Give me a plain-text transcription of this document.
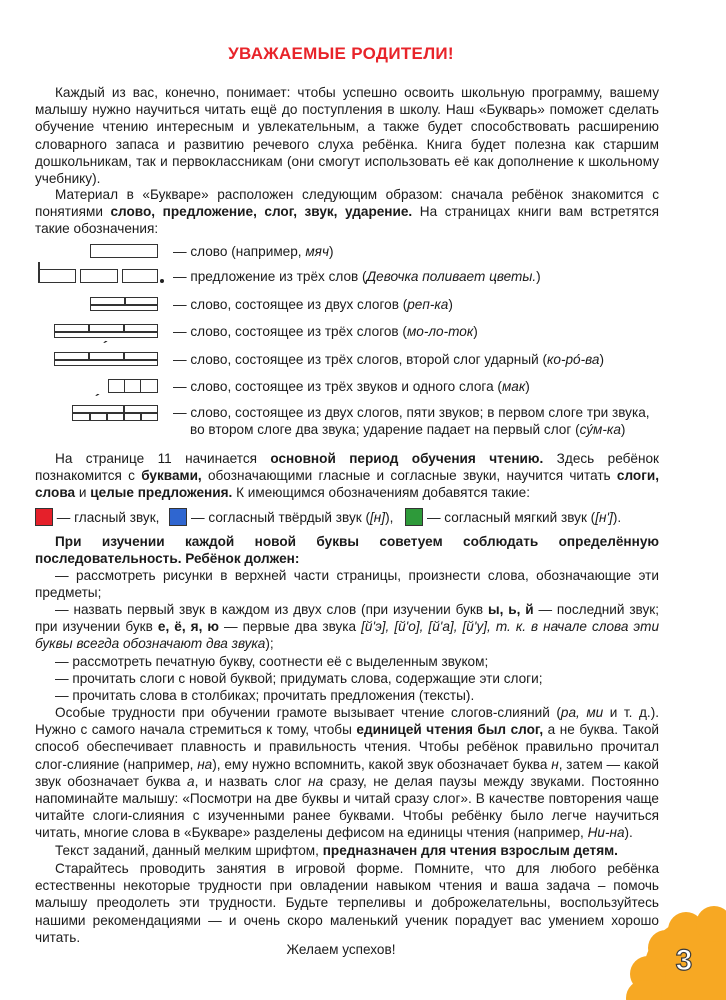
УВАЖАЕМЫЕ РОДИТЕЛИ!

Каждый из вас, конечно, понимает: чтобы успешно освоить школьную программу, вашему малышу нужно научиться читать ещё до поступления в школу. Наш «Букварь» поможет сделать обучение чтению интересным и увлекательным, а также будет способствовать расширению словарного запаса и развитию речевого слуха ребёнка. Книга будет полезна как старшим дошкольникам, так и первоклассникам (они смогут использовать её как дополнение к школьному учебнику).

Материал в «Букваре» расположен следующим образом: сначала ребёнок знакомится с понятиями слово, предложение, слог, звук, ударение. На страницах книги вам встретятся такие обозначения:

— слово (например, мяч)
— предложение из трёх слов (Девочка поливает цветы.)
— слово, состоящее из двух слогов (реп-ка)
— слово, состоящее из трёх слогов (мо-ло-ток)
´
— слово, состоящее из трёх слогов, второй слог ударный (ко-ро́-ва)
— слово, состоящее из трёх звуков и одного слога (мак)
´
— слово, состоящее из двух слогов, пяти звуков; в первом слоге три звука,
во втором слоге два звука; ударение падает на первый слог (су́м-ка)

На странице 11 начинается основной период обучения чтению. Здесь ребёнок познакомится с буквами, обозначающими гласные и согласные звуки, научится читать слоги, слова и целые предложения. К имеющимся обозначениям добавятся такие:

— гласный звук, — согласный твёрдый звук ([н]), — согласный мягкий звук ([н']).

При изучении каждой новой буквы советуем соблюдать определённую последовательность. Ребёнок должен:

— рассмотреть рисунки в верхней части страницы, произнести слова, обозначающие эти предметы;

— назвать первый звук в каждом из двух слов (при изучении букв ы, ь, й — последний звук; при изучении букв е, ё, я, ю — первые два звука [й'э], [й'о], [й'а], [й'у], т. к. в начале слова эти буквы всегда обозначают два звука);

— рассмотреть печатную букву, соотнести её с выделенным звуком;

— прочитать слоги с новой буквой; придумать слова, содержащие эти слоги;

— прочитать слова в столбиках; прочитать предложения (тексты).

Особые трудности при обучении грамоте вызывает чтение слогов-слияний (ра, ми и т. д.). Нужно с самого начала стремиться к тому, чтобы единицей чтения был слог, а не буква. Такой способ обеспечивает плавность и правильность чтения. Чтобы ребёнок правильно прочитал слог-слияние (например, на), ему нужно вспомнить, какой звук обозначает буква н, затем — какой звук обозначает буква а, и назвать слог на сразу, не делая паузы между звуками. Постоянно напоминайте малышу: «Посмотри на две буквы и читай сразу слог». В качестве повторения чаще читайте слоги-слияния с изученными ранее буквами. Чтобы ребёнку было легче научиться читать, многие слова в «Букваре» разделены дефисом на единицы чтения (например, Ни-на).

Текст заданий, данный мелким шрифтом, предназначен для чтения взрослым детям.

Старайтесь проводить занятия в игровой форме. Помните, что для любого ребёнка естественны некоторые трудности при овладении навыком чтения и ваша задача – помочь малышу преодолеть эти трудности. Будьте терпеливы и доброжелательны, воспользуйтесь нашими рекомендациями — и очень скоро маленький ученик порадует вас умением хорошо читать.

Желаем успехов!	3
